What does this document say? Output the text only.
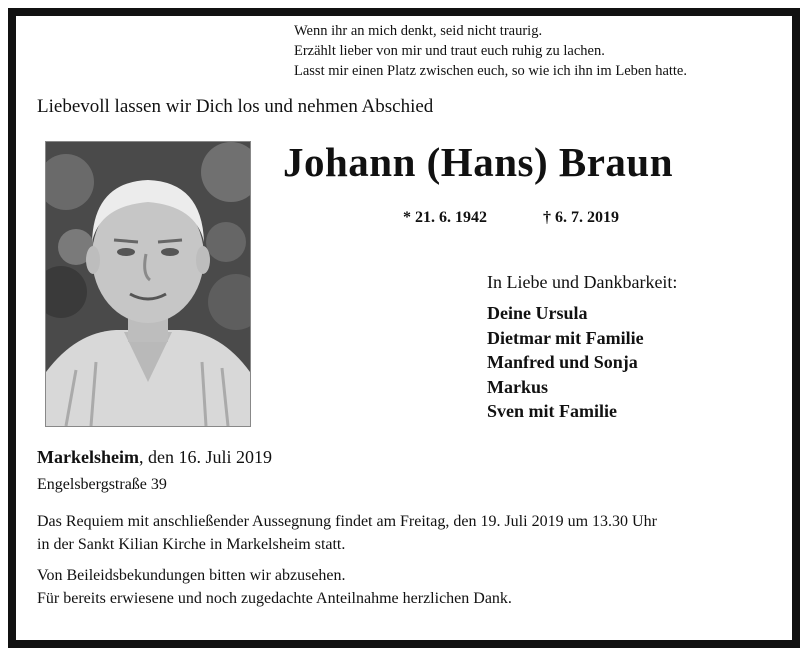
Wenn ihr an mich denkt, seid nicht traurig.
Erzählt lieber von mir und traut euch ruhig zu lachen.
Lasst mir einen Platz zwischen euch, so wie ich ihn im Leben hatte.
Liebevoll lassen wir Dich los und nehmen Abschied
Johann (Hans) Braun
* 21. 6. 1942	† 6. 7. 2019
In Liebe und Dankbarkeit:
Deine Ursula
Dietmar mit Familie
Manfred und Sonja
Markus
Sven mit Familie
Markelsheim, den 16. Juli 2019
Engelsbergstraße 39
Das Requiem mit anschließender Aussegnung findet am Freitag, den 19. Juli 2019 um 13.30 Uhr
in der Sankt Kilian Kirche in Markelsheim statt.
Von Beileidsbekundungen bitten wir abzusehen.
Für bereits erwiesene und noch zugedachte Anteilnahme herzlichen Dank.
